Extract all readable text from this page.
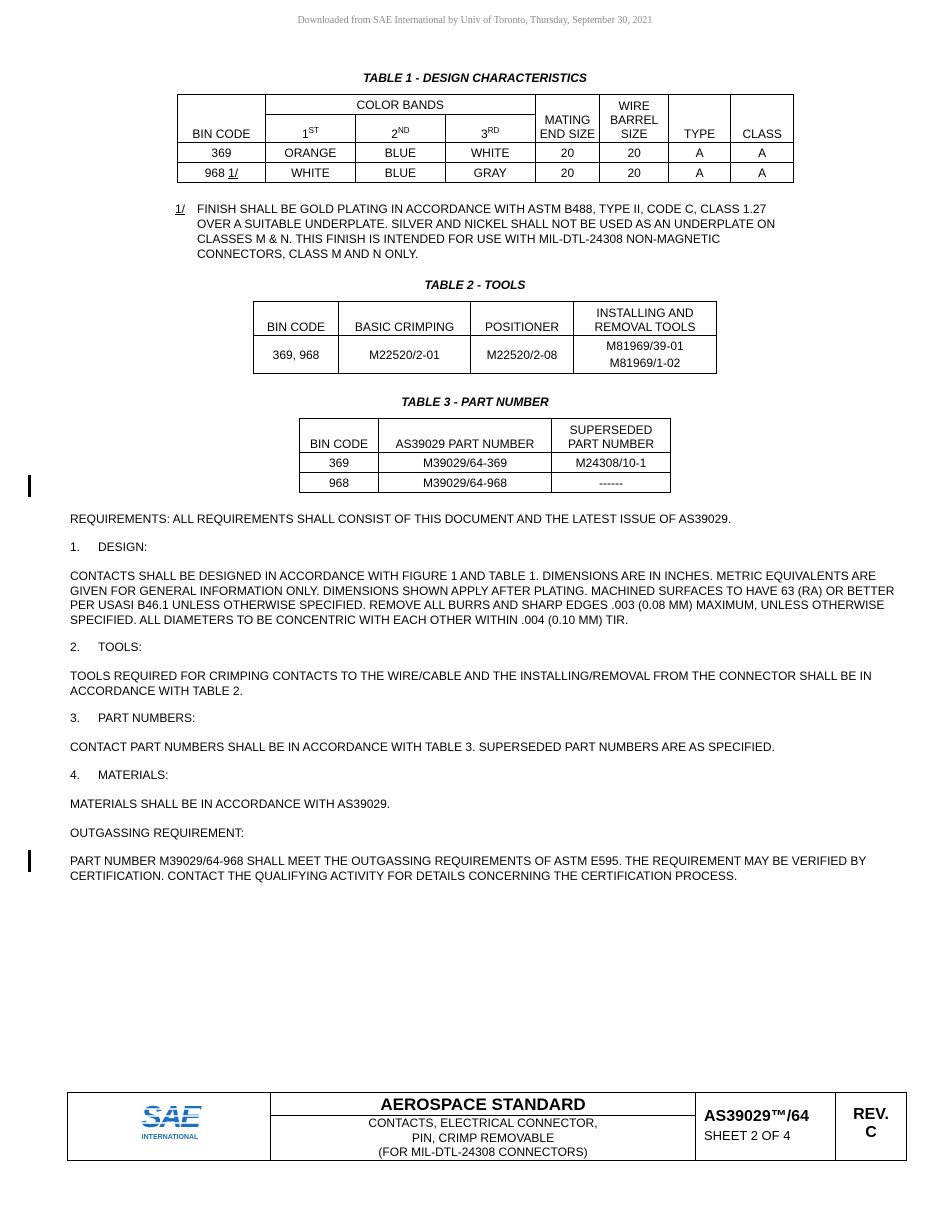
Downloaded from SAE International by Univ of Toronto, Thursday, September 30, 2021
TABLE 1 - DESIGN CHARACTERISTICS
BIN CODE	COLOR BANDS			MATING END SIZE	WIRE BARREL SIZE	TYPE	CLASS
	1ST	2ND	3RD
369	ORANGE	BLUE	WHITE	20	20	A	A
968 1/	WHITE	BLUE	GRAY	20	20	A	A
1/ FINISH SHALL BE GOLD PLATING IN ACCORDANCE WITH ASTM B488, TYPE II, CODE C, CLASS 1.27 OVER A SUITABLE UNDERPLATE. SILVER AND NICKEL SHALL NOT BE USED AS AN UNDERPLATE ON CLASSES M & N. THIS FINISH IS INTENDED FOR USE WITH MIL-DTL-24308 NON-MAGNETIC CONNECTORS, CLASS M AND N ONLY.
TABLE 2 - TOOLS
BIN CODE	BASIC CRIMPING	POSITIONER	INSTALLING AND REMOVAL TOOLS
369, 968	M22520/2-01	M22520/2-08	M81969/39-01
M81969/1-02
TABLE 3 - PART NUMBER
BIN CODE	AS39029 PART NUMBER	SUPERSEDED PART NUMBER
369	M39029/64-369	M24308/10-1
968	M39029/64-968	------
REQUIREMENTS: ALL REQUIREMENTS SHALL CONSIST OF THIS DOCUMENT AND THE LATEST ISSUE OF AS39029.
1. DESIGN:
CONTACTS SHALL BE DESIGNED IN ACCORDANCE WITH FIGURE 1 AND TABLE 1. DIMENSIONS ARE IN INCHES. METRIC EQUIVALENTS ARE GIVEN FOR GENERAL INFORMATION ONLY. DIMENSIONS SHOWN APPLY AFTER PLATING. MACHINED SURFACES TO HAVE 63 (RA) OR BETTER PER USASI B46.1 UNLESS OTHERWISE SPECIFIED. REMOVE ALL BURRS AND SHARP EDGES .003 (0.08 MM) MAXIMUM, UNLESS OTHERWISE SPECIFIED. ALL DIAMETERS TO BE CONCENTRIC WITH EACH OTHER WITHIN .004 (0.10 MM) TIR.
2. TOOLS:
TOOLS REQUIRED FOR CRIMPING CONTACTS TO THE WIRE/CABLE AND THE INSTALLING/REMOVAL FROM THE CONNECTOR SHALL BE IN ACCORDANCE WITH TABLE 2.
3. PART NUMBERS:
CONTACT PART NUMBERS SHALL BE IN ACCORDANCE WITH TABLE 3. SUPERSEDED PART NUMBERS ARE AS SPECIFIED.
4. MATERIALS:
MATERIALS SHALL BE IN ACCORDANCE WITH AS39029.
OUTGASSING REQUIREMENT:
PART NUMBER M39029/64-968 SHALL MEET THE OUTGASSING REQUIREMENTS OF ASTM E595. THE REQUIREMENT MAY BE VERIFIED BY CERTIFICATION. CONTACT THE QUALIFYING ACTIVITY FOR DETAILS CONCERNING THE CERTIFICATION PROCESS.
SAE
INTERNATIONAL
AEROSPACE STANDARD
CONTACTS, ELECTRICAL CONNECTOR,
PIN, CRIMP REMOVABLE
(FOR MIL-DTL-24308 CONNECTORS)
AS39029™/64
SHEET 2 OF 4
REV.
C
